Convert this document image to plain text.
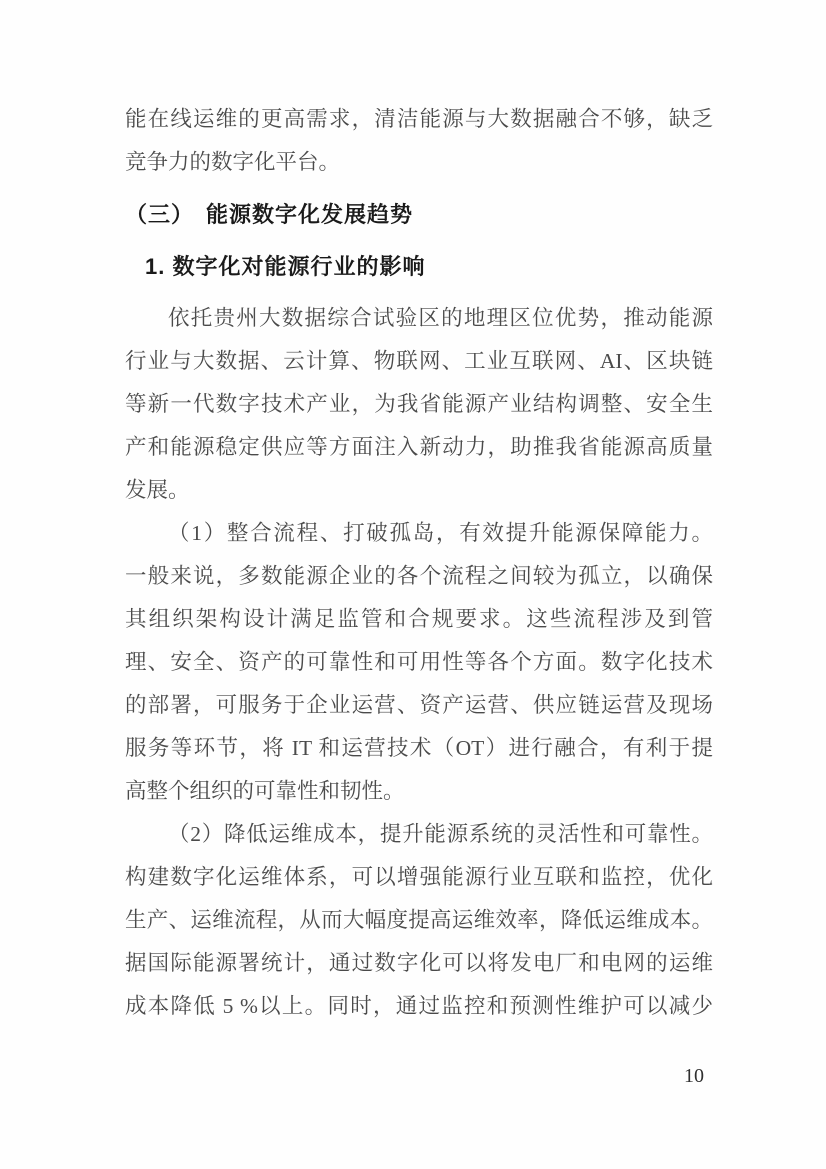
能在线运维的更高需求，清洁能源与大数据融合不够，缺乏
竞争力的数字化平台。
（三）　能源数字化发展趋势
1. 数字化对能源行业的影响
依托贵州大数据综合试验区的地理区位优势，推动能源
行业与大数据、云计算、物联网、工业互联网、AI、区块链
等新一代数字技术产业，为我省能源产业结构调整、安全生
产和能源稳定供应等方面注入新动力，助推我省能源高质量
发展。
（1）整合流程、打破孤岛，有效提升能源保障能力。
一般来说，多数能源企业的各个流程之间较为孤立，以确保
其组织架构设计满足监管和合规要求。这些流程涉及到管
理、安全、资产的可靠性和可用性等各个方面。数字化技术
的部署，可服务于企业运营、资产运营、供应链运营及现场
服务等环节，将 IT 和运营技术（OT）进行融合，有利于提
高整个组织的可靠性和韧性。
（2）降低运维成本，提升能源系统的灵活性和可靠性。
构建数字化运维体系，可以增强能源行业互联和监控，优化
生产、运维流程，从而大幅度提高运维效率，降低运维成本。
据国际能源署统计，通过数字化可以将发电厂和电网的运维
成本降低 5 %以上。同时，通过监控和预测性维护可以减少
10
